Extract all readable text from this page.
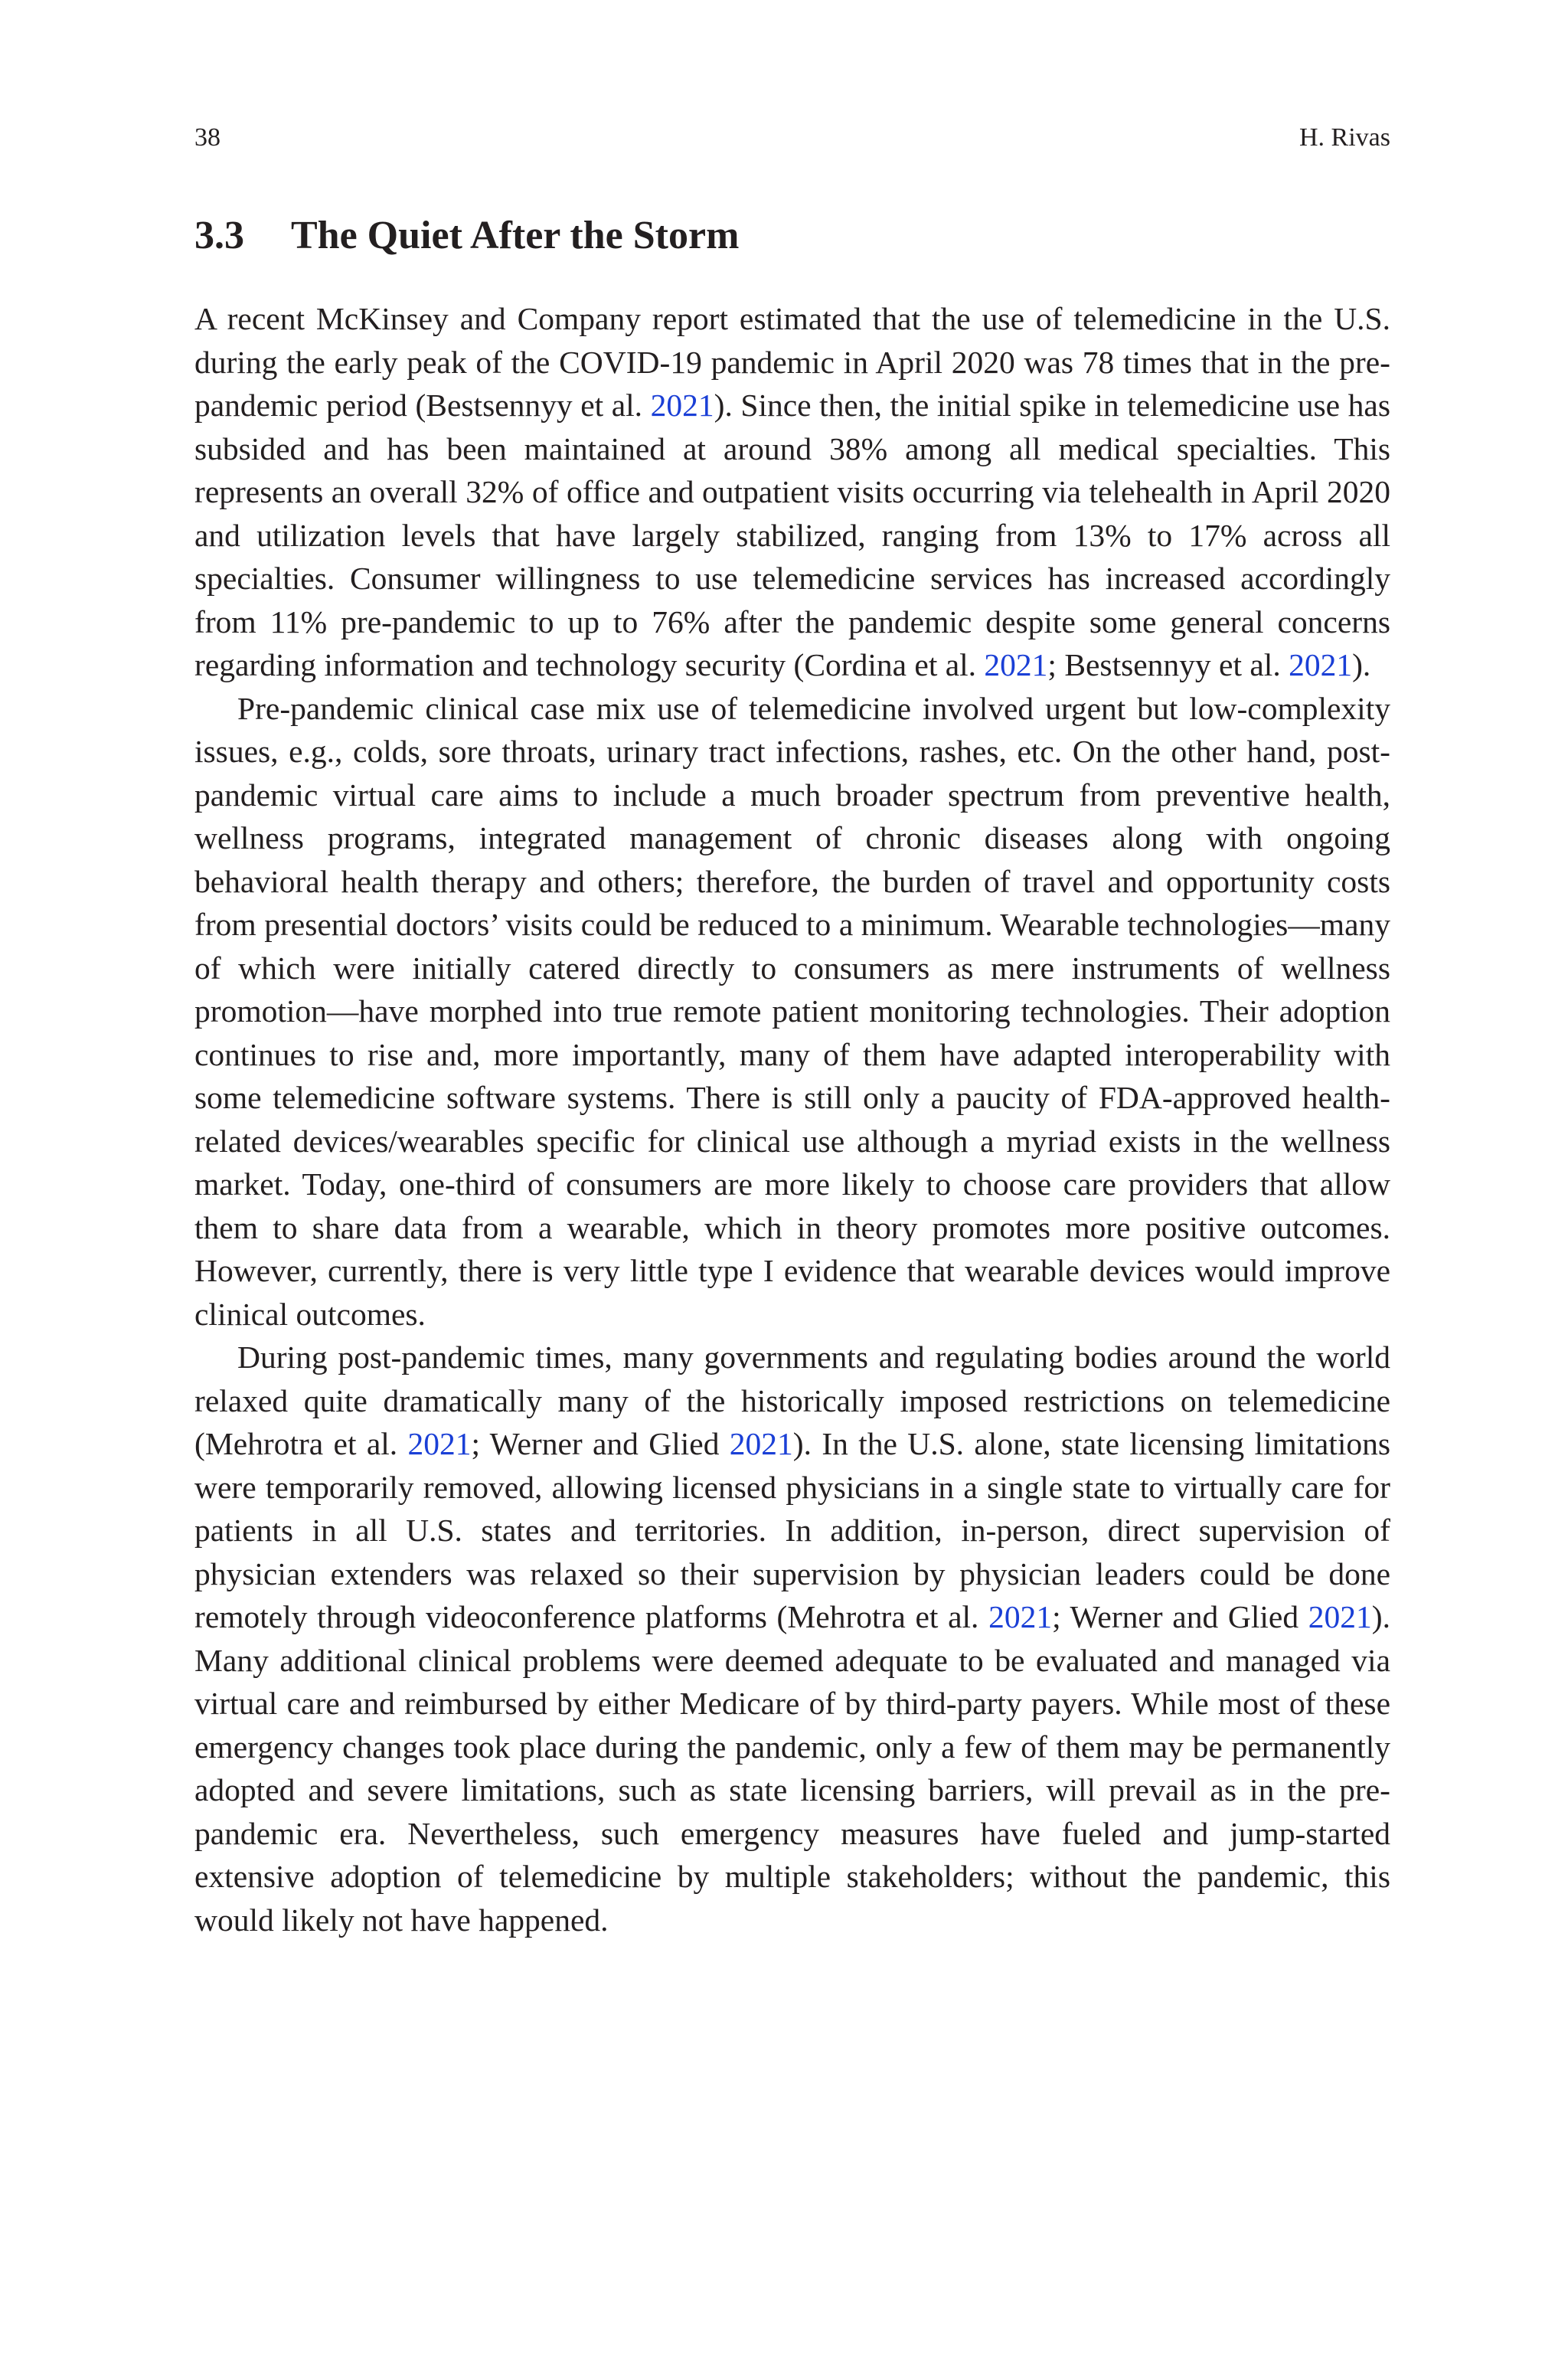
38	H. Rivas
3.3	The Quiet After the Storm

A recent McKinsey and Company report estimated that the use of telemedicine in the U.S. during the early peak of the COVID-19 pandemic in April 2020 was 78 times that in the pre-pandemic period (Bestsennyy et al. 2021). Since then, the initial spike in telemedicine use has subsided and has been maintained at around 38% among all medical specialties. This represents an overall 32% of office and outpatient visits occurring via telehealth in April 2020 and utilization levels that have largely stabilized, ranging from 13% to 17% across all specialties. Consumer willingness to use telemedicine services has increased accordingly from 11% pre-pandemic to up to 76% after the pandemic despite some general concerns regarding information and technology security (Cordina et al. 2021; Bestsennyy et al. 2021).

Pre-pandemic clinical case mix use of telemedicine involved urgent but low-complexity issues, e.g., colds, sore throats, urinary tract infections, rashes, etc. On the other hand, post-pandemic virtual care aims to include a much broader spectrum from preventive health, wellness programs, integrated management of chronic diseases along with ongoing behavioral health therapy and others; therefore, the burden of travel and opportunity costs from presential doctors’ visits could be reduced to a minimum. Wearable technologies—many of which were initially catered directly to consumers as mere instruments of wellness promotion—have morphed into true remote patient monitoring technologies. Their adoption continues to rise and, more importantly, many of them have adapted interoperability with some telemedicine software systems. There is still only a paucity of FDA-approved health-related devices/wearables specific for clinical use although a myriad exists in the wellness market. Today, one-third of consumers are more likely to choose care providers that allow them to share data from a wearable, which in theory promotes more positive outcomes. However, currently, there is very little type I evidence that wearable devices would improve clinical outcomes.

During post-pandemic times, many governments and regulating bodies around the world relaxed quite dramatically many of the historically imposed restrictions on telemedicine (Mehrotra et al. 2021; Werner and Glied 2021). In the U.S. alone, state licensing limitations were temporarily removed, allowing licensed physicians in a single state to virtually care for patients in all U.S. states and territories. In addition, in-person, direct supervision of physician extenders was relaxed so their supervision by physician leaders could be done remotely through videoconference platforms (Mehrotra et al. 2021; Werner and Glied 2021). Many additional clinical problems were deemed adequate to be evaluated and managed via virtual care and reimbursed by either Medicare of by third-party payers. While most of these emergency changes took place during the pandemic, only a few of them may be permanently adopted and severe limitations, such as state licensing barriers, will prevail as in the pre-pandemic era. Nevertheless, such emergency measures have fueled and jump-started extensive adoption of telemedicine by multiple stakeholders; without the pandemic, this would likely not have happened.
